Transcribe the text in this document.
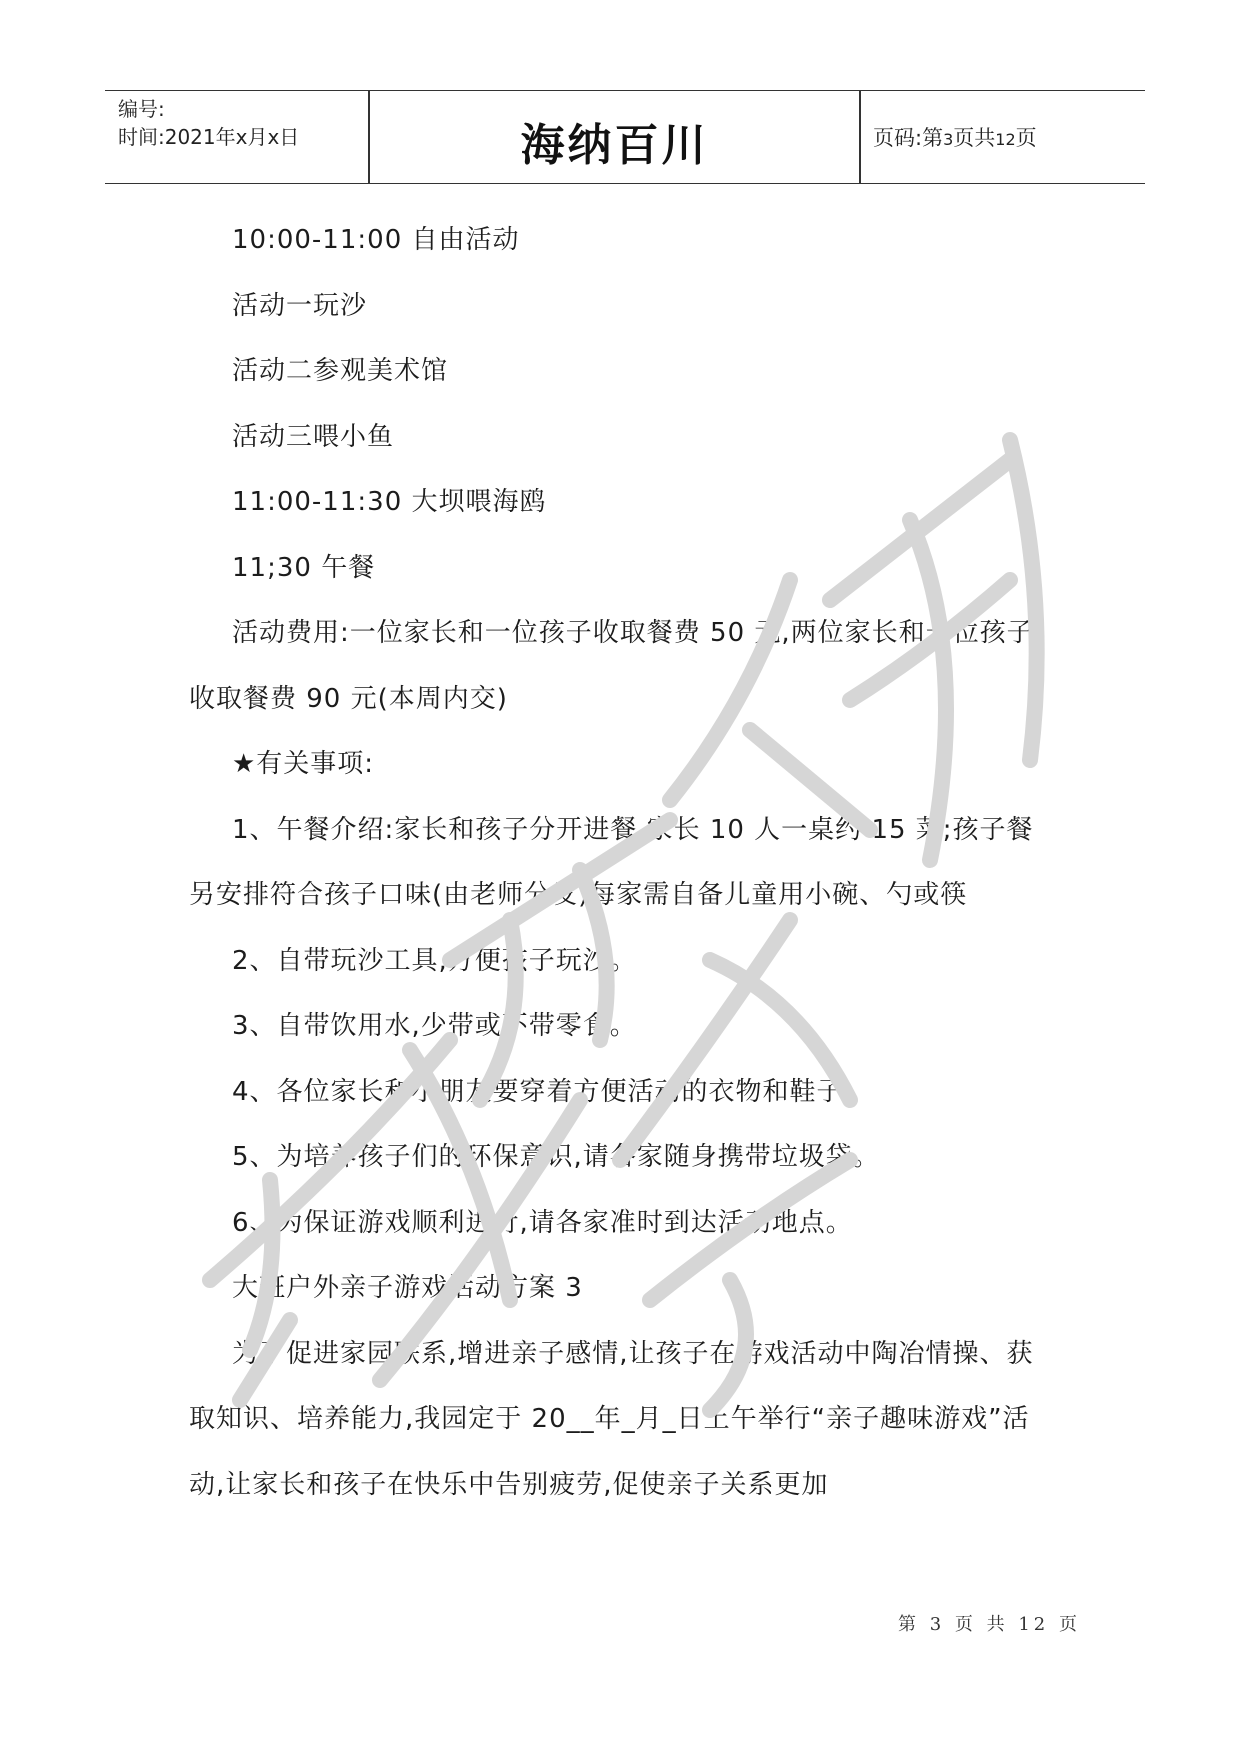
编号:
时间:2021年x月x日	海纳百川	页码:第3页共12页

10:00-11:00 自由活动

活动一玩沙

活动二参观美术馆

活动三喂小鱼

11:00-11:30 大坝喂海鸥

11;30 午餐

活动费用:一位家长和一位孩子收取餐费 50 元,两位家长和一位孩子收取餐费 90 元(本周内交)

★有关事项:

1、午餐介绍:家长和孩子分开进餐,家长 10 人一桌约 15 菜;孩子餐另安排符合孩子口味(由老师分发)每家需自备儿童用小碗、勺或筷

2、自带玩沙工具,方便孩子玩沙。

3、自带饮用水,少带或不带零食。

4、各位家长和小朋友要穿着方便活动的衣物和鞋子。

5、为培养孩子们的环保意识,请各家随身携带垃圾袋。

6、为保证游戏顺利进行,请各家准时到达活动地点。

大班户外亲子游戏活动方案 3

为了促进家园联系,增进亲子感情,让孩子在游戏活动中陶冶情操、获取知识、培养能力,我园定于 20__年_月_日上午举行“亲子趣味游戏”活动,让家长和孩子在快乐中告别疲劳,促使亲子关系更加

严禁复制
第 3 页 共 12 页
